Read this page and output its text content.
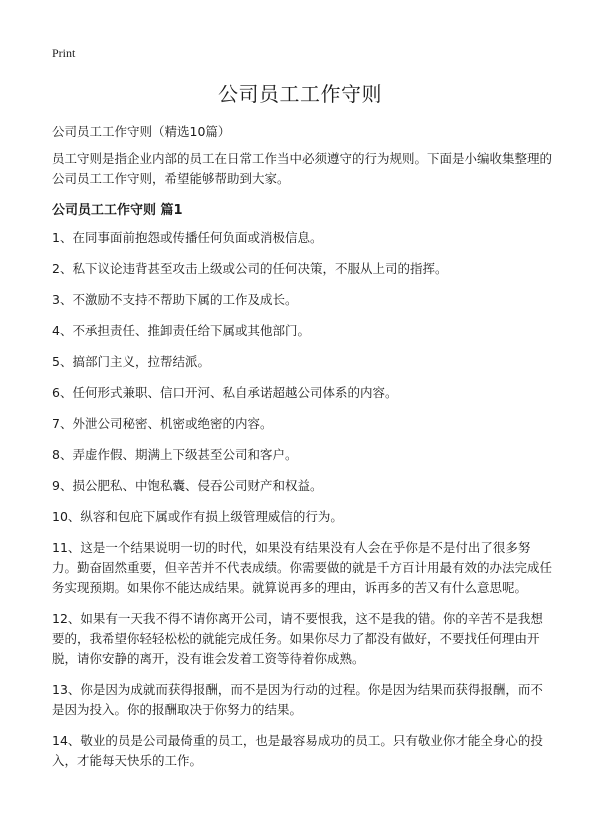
Print
公司员工工作守则

公司员工工作守则（精选10篇）

员工守则是指企业内部的员工在日常工作当中必须遵守的行为规则。下面是小编收集整理的公司员工工作守则，希望能够帮助到大家。

公司员工工作守则 篇1
1、在同事面前抱怨或传播任何负面或消极信息。
2、私下议论违背甚至攻击上级或公司的任何决策，不服从上司的指挥。
3、不激励不支持不帮助下属的工作及成长。
4、不承担责任、推卸责任给下属或其他部门。
5、搞部门主义，拉帮结派。
6、任何形式兼职、信口开河、私自承诺超越公司体系的内容。
7、外泄公司秘密、机密或绝密的内容。
8、弄虚作假、期满上下级甚至公司和客户。
9、损公肥私、中饱私囊、侵吞公司财产和权益。
10、纵容和包庇下属或作有损上级管理威信的行为。
11、这是一个结果说明一切的时代，如果没有结果没有人会在乎你是不是付出了很多努力。勤奋固然重要，但辛苦并不代表成绩。你需要做的就是千方百计用最有效的办法完成任务实现预期。如果你不能达成结果。就算说再多的理由，诉再多的苦又有什么意思呢。
12、如果有一天我不得不请你离开公司，请不要恨我，这不是我的错。你的辛苦不是我想要的，我希望你轻轻松松的就能完成任务。如果你尽力了都没有做好，不要找任何理由开脱，请你安静的离开，没有谁会发着工资等待着你成熟。
13、你是因为成就而获得报酬，而不是因为行动的过程。你是因为结果而获得报酬，而不是因为投入。你的报酬取决于你努力的结果。
14、敬业的员是公司最倚重的员工，也是最容易成功的员工。只有敬业你才能全身心的投入，才能每天快乐的工作。
